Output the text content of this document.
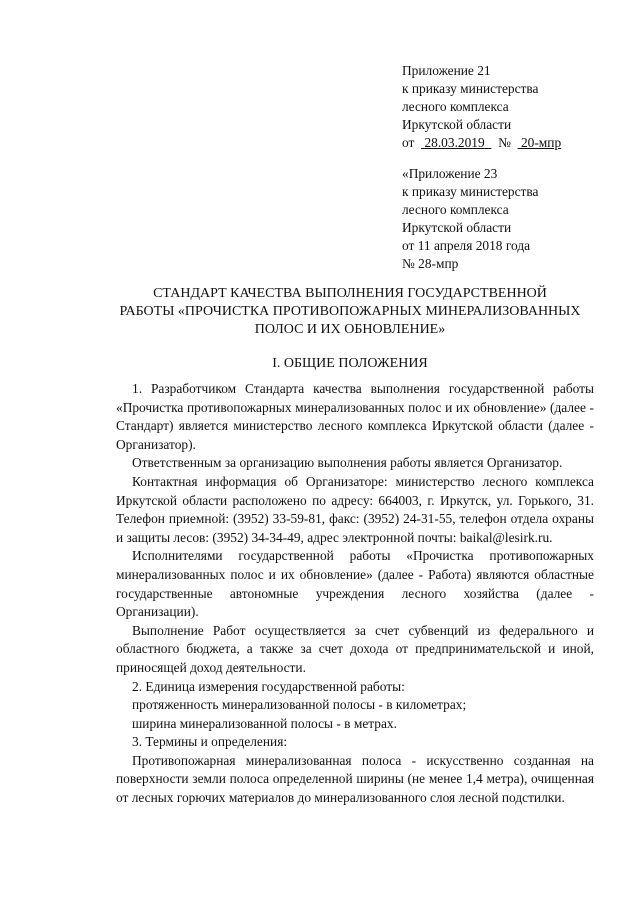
Приложение 21
к приказу министерства
лесного комплекса
Иркутской области
от 28.03.2019 № 20-мпр
«Приложение 23
к приказу министерства
лесного комплекса
Иркутской области
от 11 апреля 2018 года
№ 28-мпр
СТАНДАРТ КАЧЕСТВА ВЫПОЛНЕНИЯ ГОСУДАРСТВЕННОЙ
РАБОТЫ «ПРОЧИСТКА ПРОТИВОПОЖАРНЫХ МИНЕРАЛИЗОВАННЫХ
ПОЛОС И ИХ ОБНОВЛЕНИЕ»
I. ОБЩИЕ ПОЛОЖЕНИЯ

1. Разработчиком Стандарта качества выполнения государственной работы «Прочистка противопожарных минерализованных полос и их обновление» (далее - Стандарт) является министерство лесного комплекса Иркутской области (далее - Организатор).

Ответственным за организацию выполнения работы является Организатор.

Контактная информация об Организаторе: министерство лесного комплекса Иркутской области расположено по адресу: 664003, г. Иркутск, ул. Горького, 31. Телефон приемной: (3952) 33-59-81, факс: (3952) 24-31-55, телефон отдела охраны и защиты лесов: (3952) 34-34-49, адрес электронной почты: baikal@lesirk.ru.

Исполнителями государственной работы «Прочистка противопожарных минерализованных полос и их обновление» (далее - Работа) являются областные государственные автономные учреждения лесного хозяйства (далее - Организации).

Выполнение Работ осуществляется за счет субвенций из федерального и областного бюджета, а также за счет дохода от предпринимательской и иной, приносящей доход деятельности.

2. Единица измерения государственной работы:

протяженность минерализованной полосы - в километрах;

ширина минерализованной полосы - в метрах.

3. Термины и определения:

Противопожарная минерализованная полоса - искусственно созданная на поверхности земли полоса определенной ширины (не менее 1,4 метра), очищенная от лесных горючих материалов до минерализованного слоя лесной подстилки.
